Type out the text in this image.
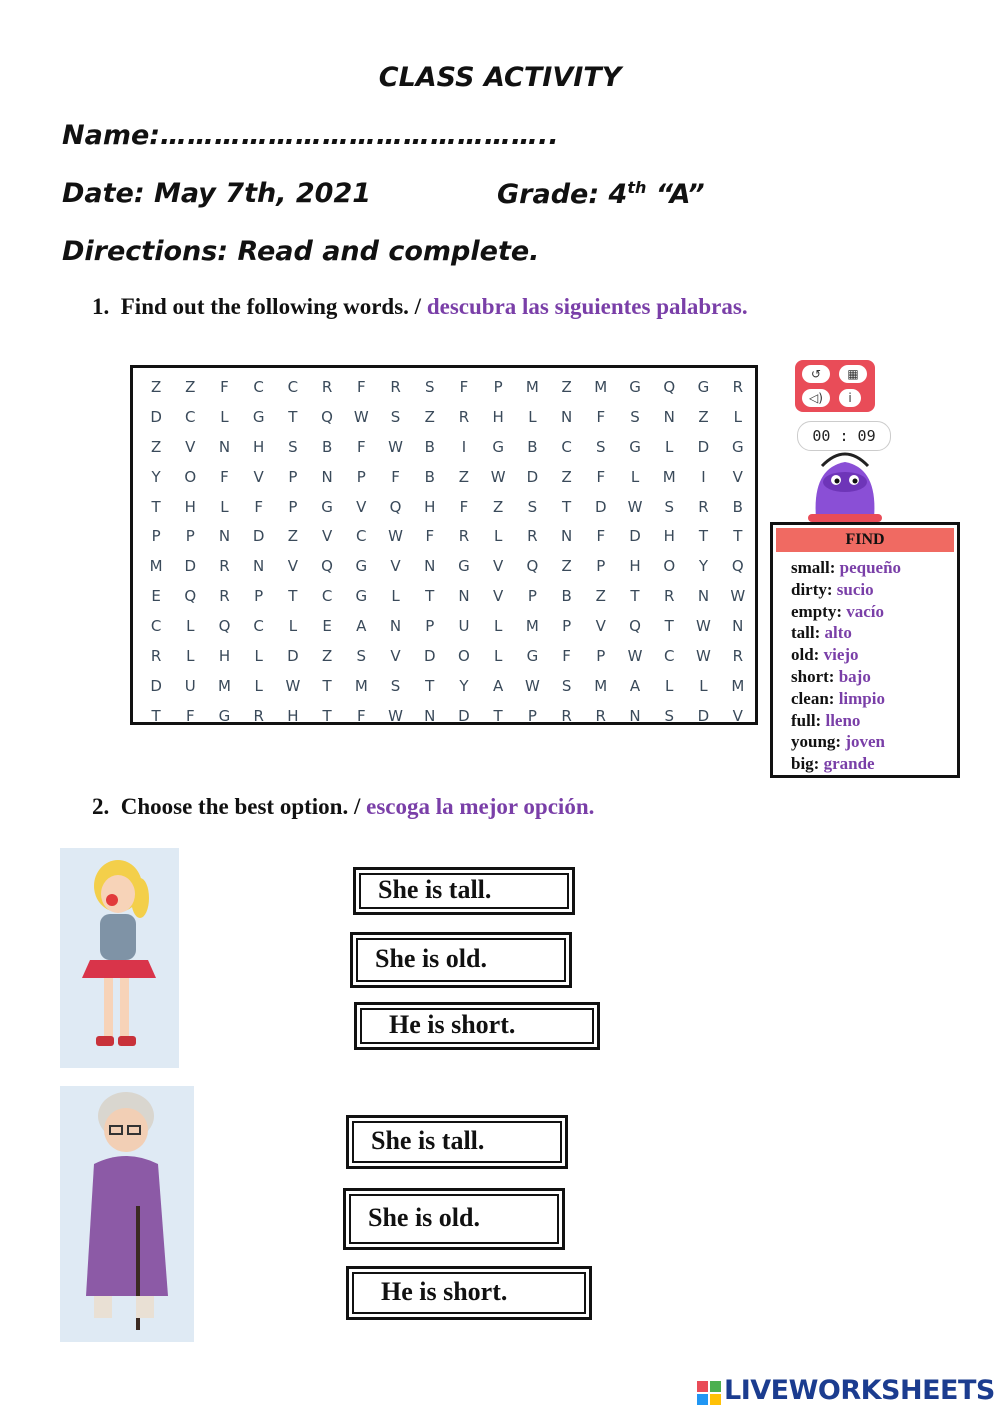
CLASS ACTIVITY
Name:……………………………………..
Date: May 7th, 2021	Grade: 4th “A”
Directions: Read and complete.
1. Find out the following words. / descubra las siguientes palabras.
Z	Z	F	C	C	R	F	R	S	F	P	M	Z	M	G	Q	G	R
D	C	L	G	T	Q	W	S	Z	R	H	L	N	F	S	N	Z	L
Z	V	N	H	S	B	F	W	B	I	G	B	C	S	G	L	D	G
Y	O	F	V	P	N	P	F	B	Z	W	D	Z	F	L	M	I	V
T	H	L	F	P	G	V	Q	H	F	Z	S	T	D	W	S	R	B
P	P	N	D	Z	V	C	W	F	R	L	R	N	F	D	H	T	T
M	D	R	N	V	Q	G	V	N	G	V	Q	Z	P	H	O	Y	Q
E	Q	R	P	T	C	G	L	T	N	V	P	B	Z	T	R	N	W
C	L	Q	C	L	E	A	N	P	U	L	M	P	V	Q	T	W	N
R	L	H	L	D	Z	S	V	D	O	L	G	F	P	W	C	W	R
D	U	M	L	W	T	M	S	T	Y	A	W	S	M	A	L	L	M
T	F	G	R	H	T	F	W	N	D	T	P	R	R	N	S	D	V
↺	▦
◁)	i
00 : 09
FIND
small: pequeño
dirty: sucio
empty: vacío
tall: alto
old: viejo
short: bajo
clean: limpio
full: lleno
young: joven
big: grande
2. Choose the best option. / escoga la mejor opción.
She is tall.
She is old.
He is short.
She is tall.
She is old.
He is short.
LIVEWORKSHEETS
